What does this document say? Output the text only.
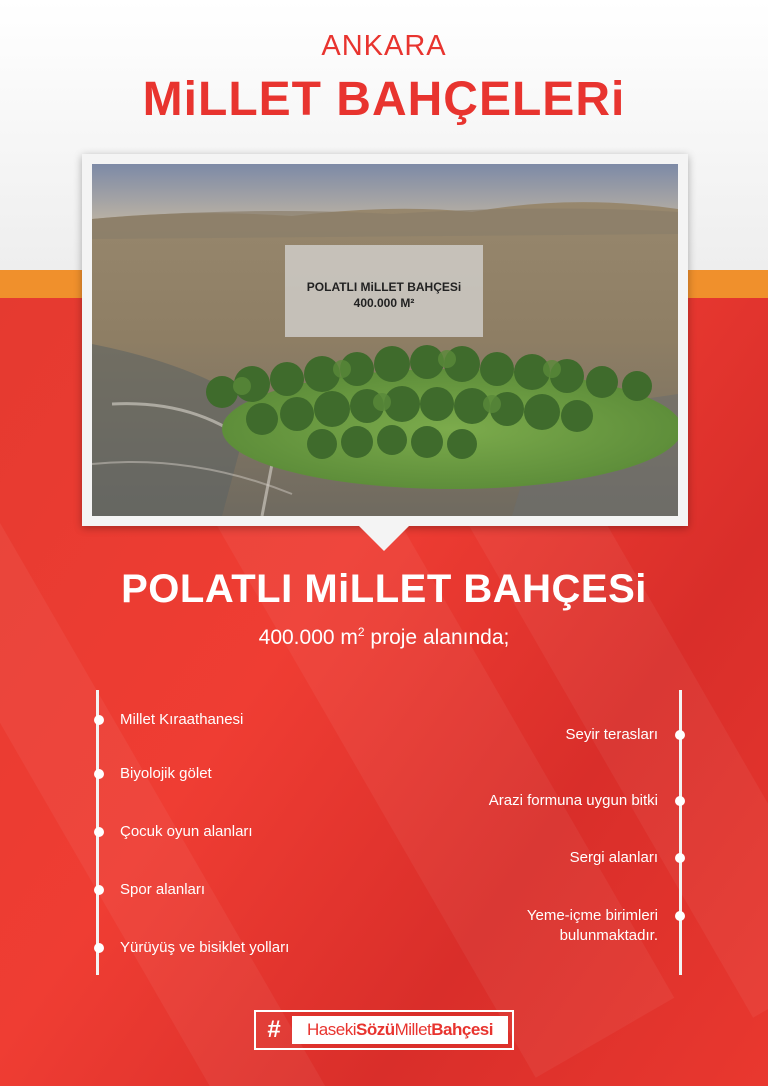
ANKARA
MiLLET BAHÇELERi
POLATLI MiLLET BAHÇESi
400.000 M²
POLATLI MiLLET BAHÇESi
400.000 $m^2$ proje alanında;
Millet Kıraathanesi
Biyolojik gölet
Çocuk oyun alanları
Spor alanları
Yürüyüş ve bisiklet yolları
Seyir terasları
Arazi formuna uygun bitki
Sergi alanları
Yeme-içme birimleri
bulunmaktadır.
#	Haseki Sözü Millet Bahçesi
